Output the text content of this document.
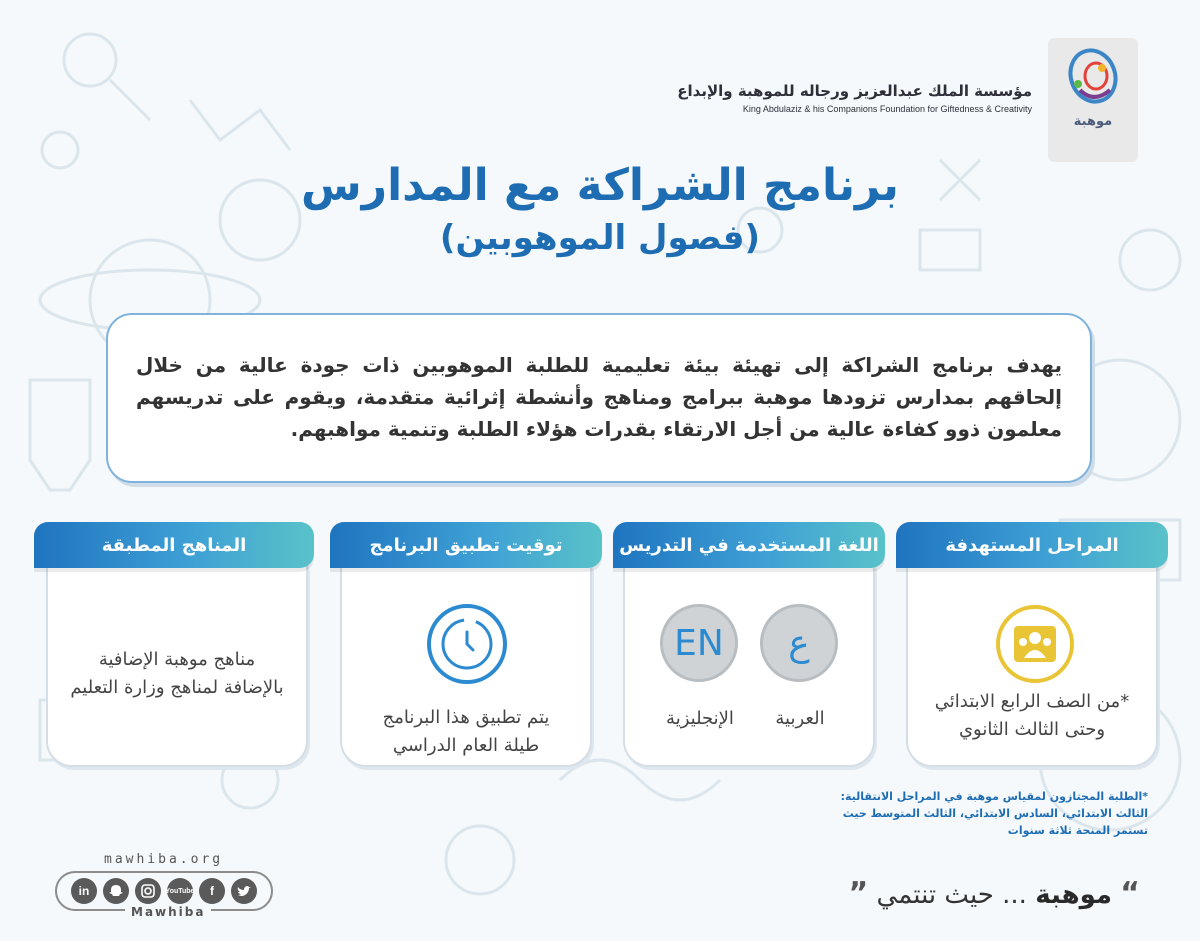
موهبة
مؤسسة الملك عبدالعزيز ورجاله للموهبة والإبداع
King Abdulaziz & his Companions Foundation for Giftedness & Creativity
برنامج الشراكة مع المدارس
(فصول الموهوبين)

يهدف برنامج الشراكة إلى تهيئة بيئة تعليمية للطلبة الموهوبين ذات جودة عالية من خلال إلحاقهم بمدارس تزودها موهبة ببرامج ومناهج وأنشطة إثرائية متقدمة، ويقوم على تدريسهم معلمون ذوو كفاءة عالية من أجل الارتقاء بقدرات هؤلاء الطلبة وتنمية مواهبهم.

المراحل المستهدفة
*من الصف الرابع الابتدائي
وحتى الثالث الثانوي
اللغة المستخدمة في التدريس
ع
EN
العربية
الإنجليزية
توقيت تطبيق البرنامج
يتم تطبيق هذا البرنامج
طيلة العام الدراسي
المناهج المطبقة
مناهج موهبة الإضافية
بالإضافة لمناهج وزارة التعليم
*الطلبة المجتازون لمقياس موهبة في المراحل الانتقالية:
الثالث الابتدائي، السادس الابتدائي، الثالث المتوسط حيث
تستمر المنحة ثلاثة سنوات
mawhiba.org
in	YouTube	f
Mawhiba
“ موهبة ... حيث تنتمي ”
